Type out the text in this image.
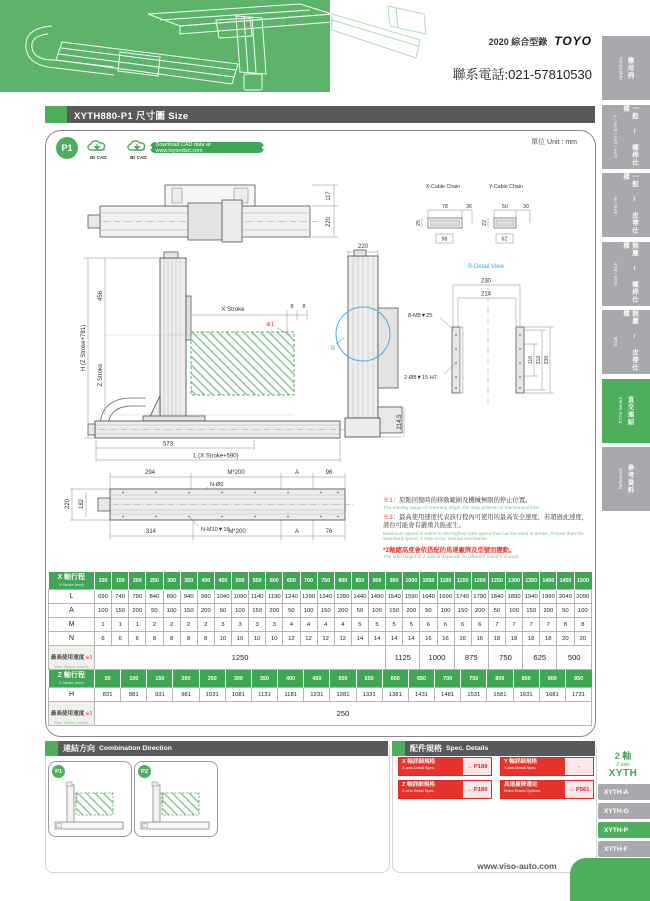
2020 綜合型錄 TOYO
聯系電話:021-57810530	Application 應用例
GTH / GTY / ETH / Y	一般 / 螺桿仕樣
ETB / M	一般 / 皮帶仕樣
GCH / ECH	無塵 / 螺桿仕樣
ECB	無塵 / 皮帶仕樣
XYTH Series 直交連結
Reference 參考資料
XYTH880-P1 尺寸圖 Size
P1
2D CAD	3D CAD
Download CAD data at www.toyorobot.com
單位 Unit : mm
117
220
X-Cable Chain	Y-Cable Chain
78	36
25
98
50	30
22
62
456
H (Z Stroke+781)
Z Stroke
X Stroke
※1
8 8
573
L (X Stroke+590)
220
B
214.5
B-Detail View
230
214
8-M8▼25
2-Ø8▼15 H7
110 210 230
294	M*200	A	96
N-Ø9
220 182
314	M*200	A	76
N-M10▼16
※1：原點回復時的移動範圍及機械極限的停止位置。
The moving range of returning origin, the stop position of mechanical limit.
※3：最高使用速度代表該行程內可使用的最高安全速度，若超過此速度，滑台可能會有嚴重共振產生。
Maximum speed is refers to the highest safe speed that can be used in stroke, if more than the strandard speed, it may occur serious resonance.
*Z軸總高度會依搭配的馬達廠牌及型號而變動。
The total height of Z axis is depends on different motor's brands.
X 軸行程
X Stroke (mm)	100	150	200	250	300	350	400	450	500	550	600	650	700	750	800	850	900	950	1000	1050	1100	1150	1200	1250	1300	1350	1400	1450	1500
L	690	740	790	840	890	940	990	1040	1090	1140	1190	1240	1290	1340	1390	1440	1490	1540	1590	1640	1690	1740	1790	1840	1890	1940	1990	2040	2090
A	100	150	200	50	100	150	200	50	100	150	200	50	100	150	200	50	100	150	200	50	100	150	200	50	100	150	200	50	100
M	1	1	1	2	2	2	2	3	3	3	3	4	4	4	4	5	5	5	5	6	6	6	6	7	7	7	7	8	8
N	6	6	6	8	8	8	8	10	10	10	10	12	12	12	12	14	14	14	14	16	16	16	16	18	18	18	18	20	20
最高使用速度※3
Max. Speed (mm/s)	1250																	1125		1000		875		750		625		500	
Z 軸行程
Z Stroke (mm)	50	100	150	200	250	300	350	400	450	500	550	600	650	700	750	800	850	900	950
H	831	881	931	981	1031	1081	1131	1181	1231	1281	1331	1381	1431	1481	1531	1581	1631	1681	1731
最高使用速度※3
Max. Speed (mm/s)	250																		
連結方向 Combination Direction
P1	P2
配件規格 Spec. Details
X 軸詳細規格
X-axis Detail Spec.	→ P189
Y 軸詳細規格
Y-axis Detail Spec.	-
Z 軸詳細規格
Z-axis Detail Spec.	→ P189
馬達廠牌選定
Motor Brand Options.	→ P561
2 軸
2 axis
XYTH
XYTH-A
XYTH-G
XYTH-P
XYTH-F
www.viso-auto.com
